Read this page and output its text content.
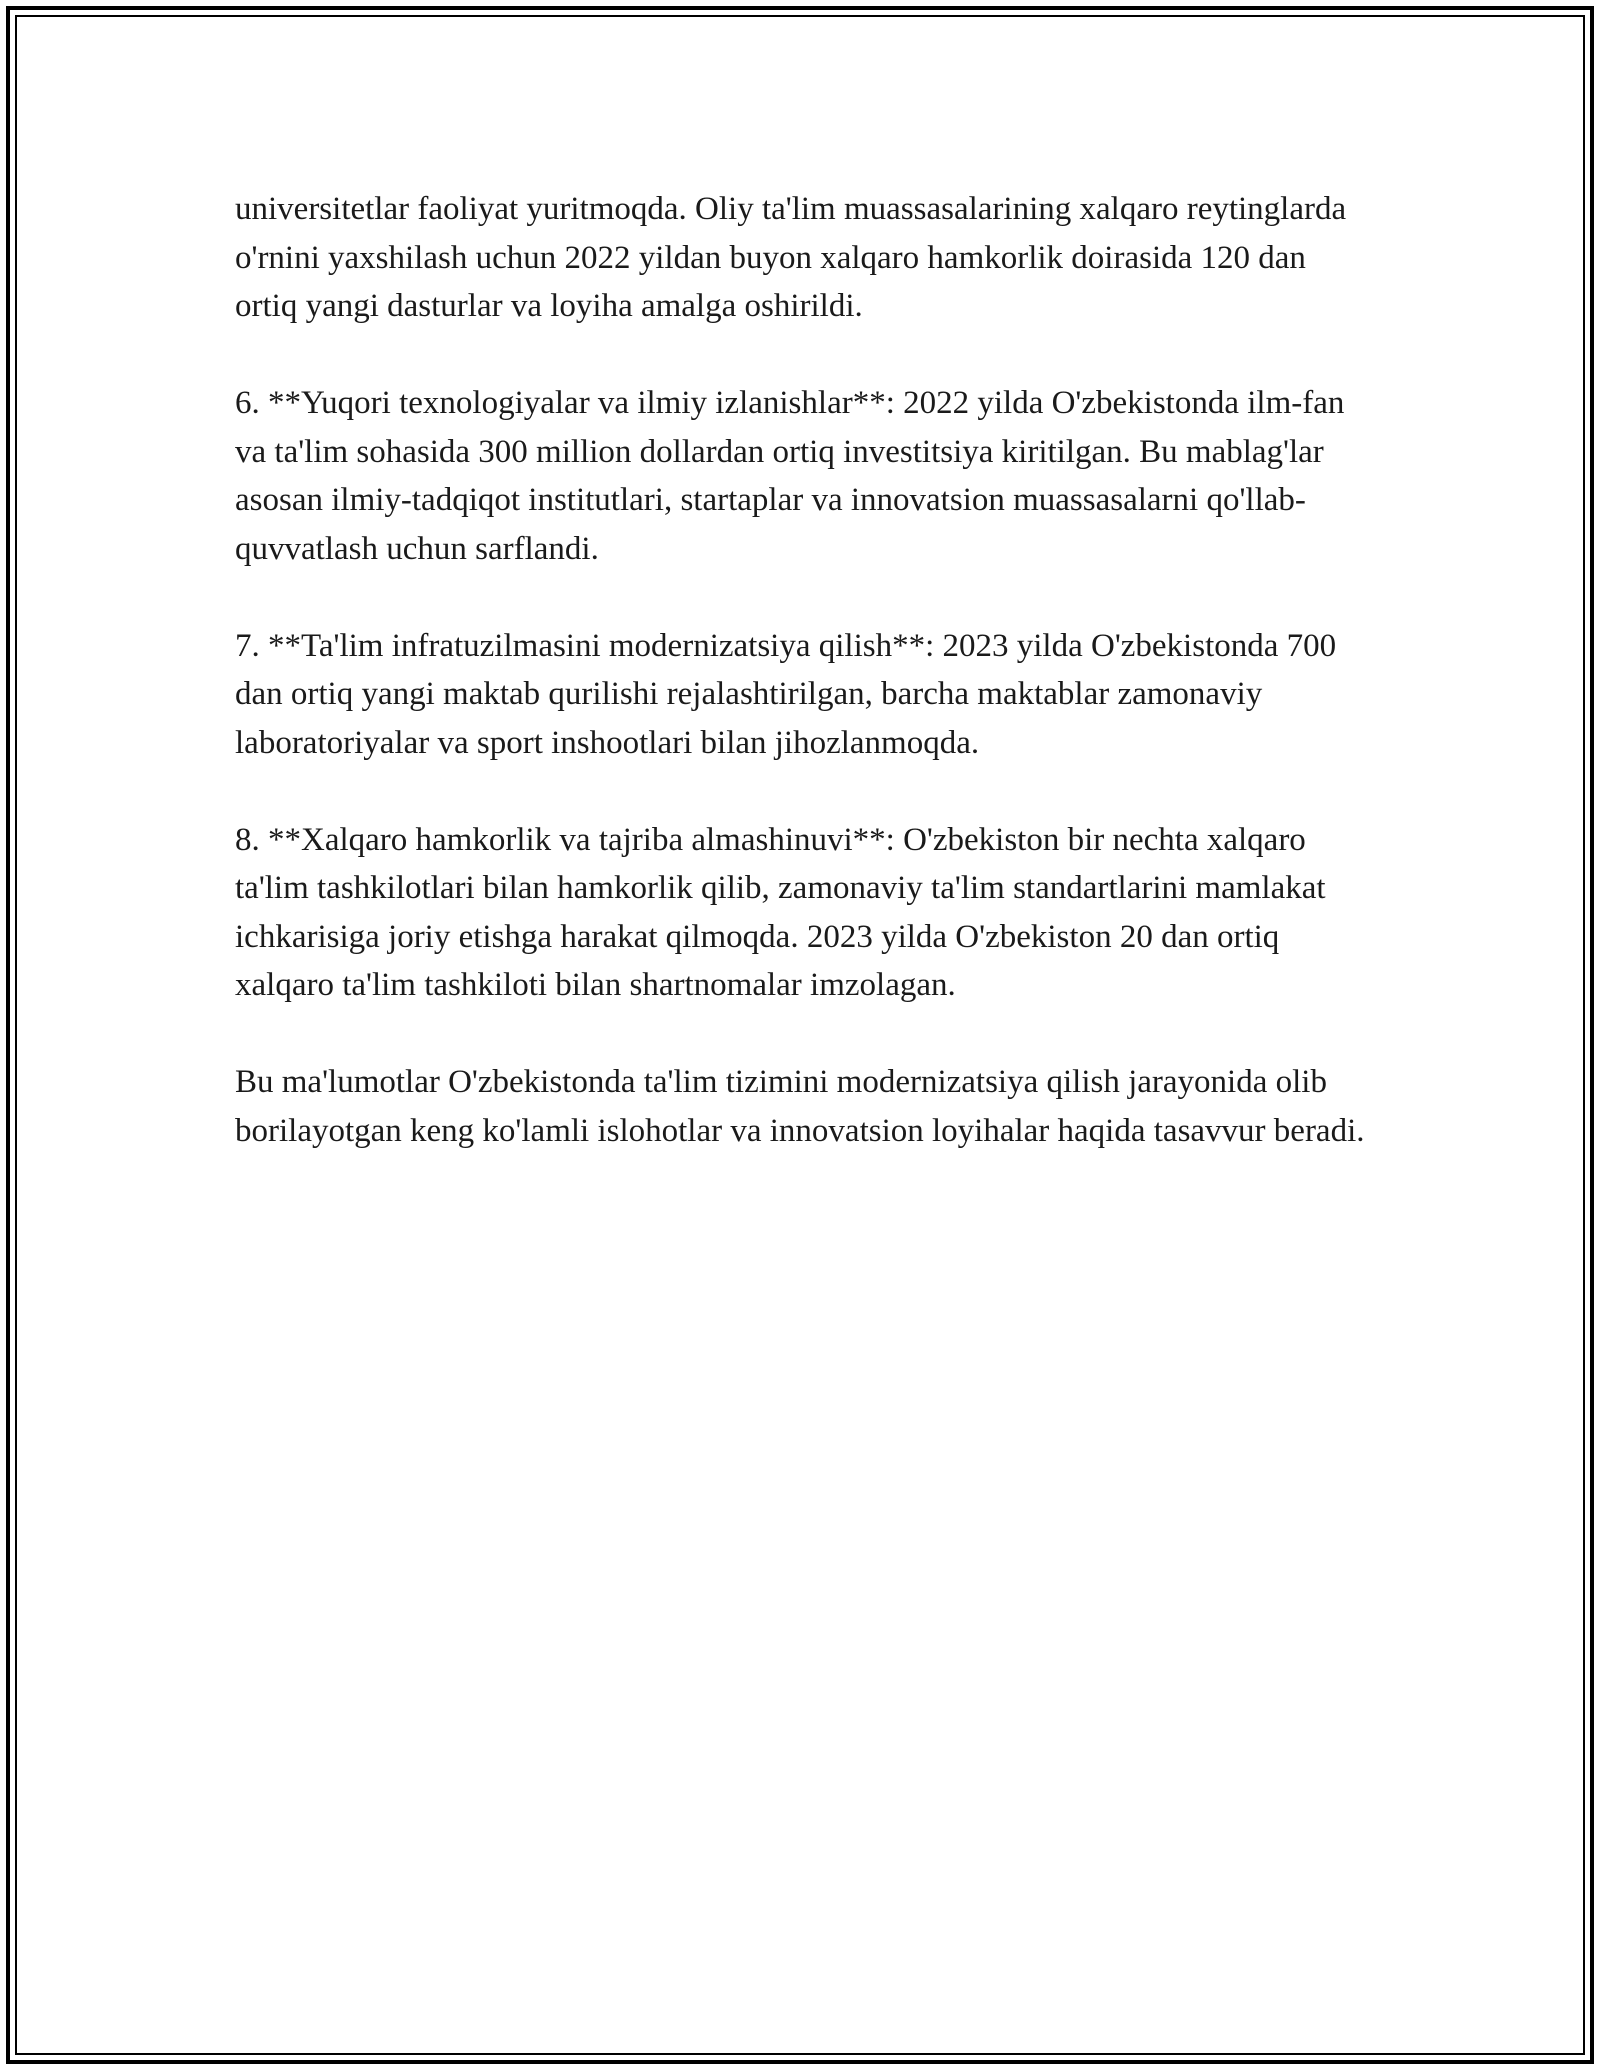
universitetlar faoliyat yuritmoqda. Oliy ta'lim muassasalarining xalqaro reytinglarda o'rnini yaxshilash uchun 2022 yildan buyon xalqaro hamkorlik doirasida 120 dan ortiq yangi dasturlar va loyiha amalga oshirildi.

6. **Yuqori texnologiyalar va ilmiy izlanishlar**: 2022 yilda O'zbekistonda ilm-fan va ta'lim sohasida 300 million dollardan ortiq investitsiya kiritilgan. Bu mablag'lar asosan ilmiy-tadqiqot institutlari, startaplar va innovatsion muassasalarni qo'llab-quvvatlash uchun sarflandi.

7. **Ta'lim infratuzilmasini modernizatsiya qilish**: 2023 yilda O'zbekistonda 700 dan ortiq yangi maktab qurilishi rejalashtirilgan, barcha maktablar zamonaviy laboratoriyalar va sport inshootlari bilan jihozlanmoqda.

8. **Xalqaro hamkorlik va tajriba almashinuvi**: O'zbekiston bir nechta xalqaro ta'lim tashkilotlari bilan hamkorlik qilib, zamonaviy ta'lim standartlarini mamlakat ichkarisiga joriy etishga harakat qilmoqda. 2023 yilda O'zbekiston 20 dan ortiq xalqaro ta'lim tashkiloti bilan shartnomalar imzolagan.

Bu ma'lumotlar O'zbekistonda ta'lim tizimini modernizatsiya qilish jarayonida olib borilayotgan keng ko'lamli islohotlar va innovatsion loyihalar haqida tasavvur beradi.
